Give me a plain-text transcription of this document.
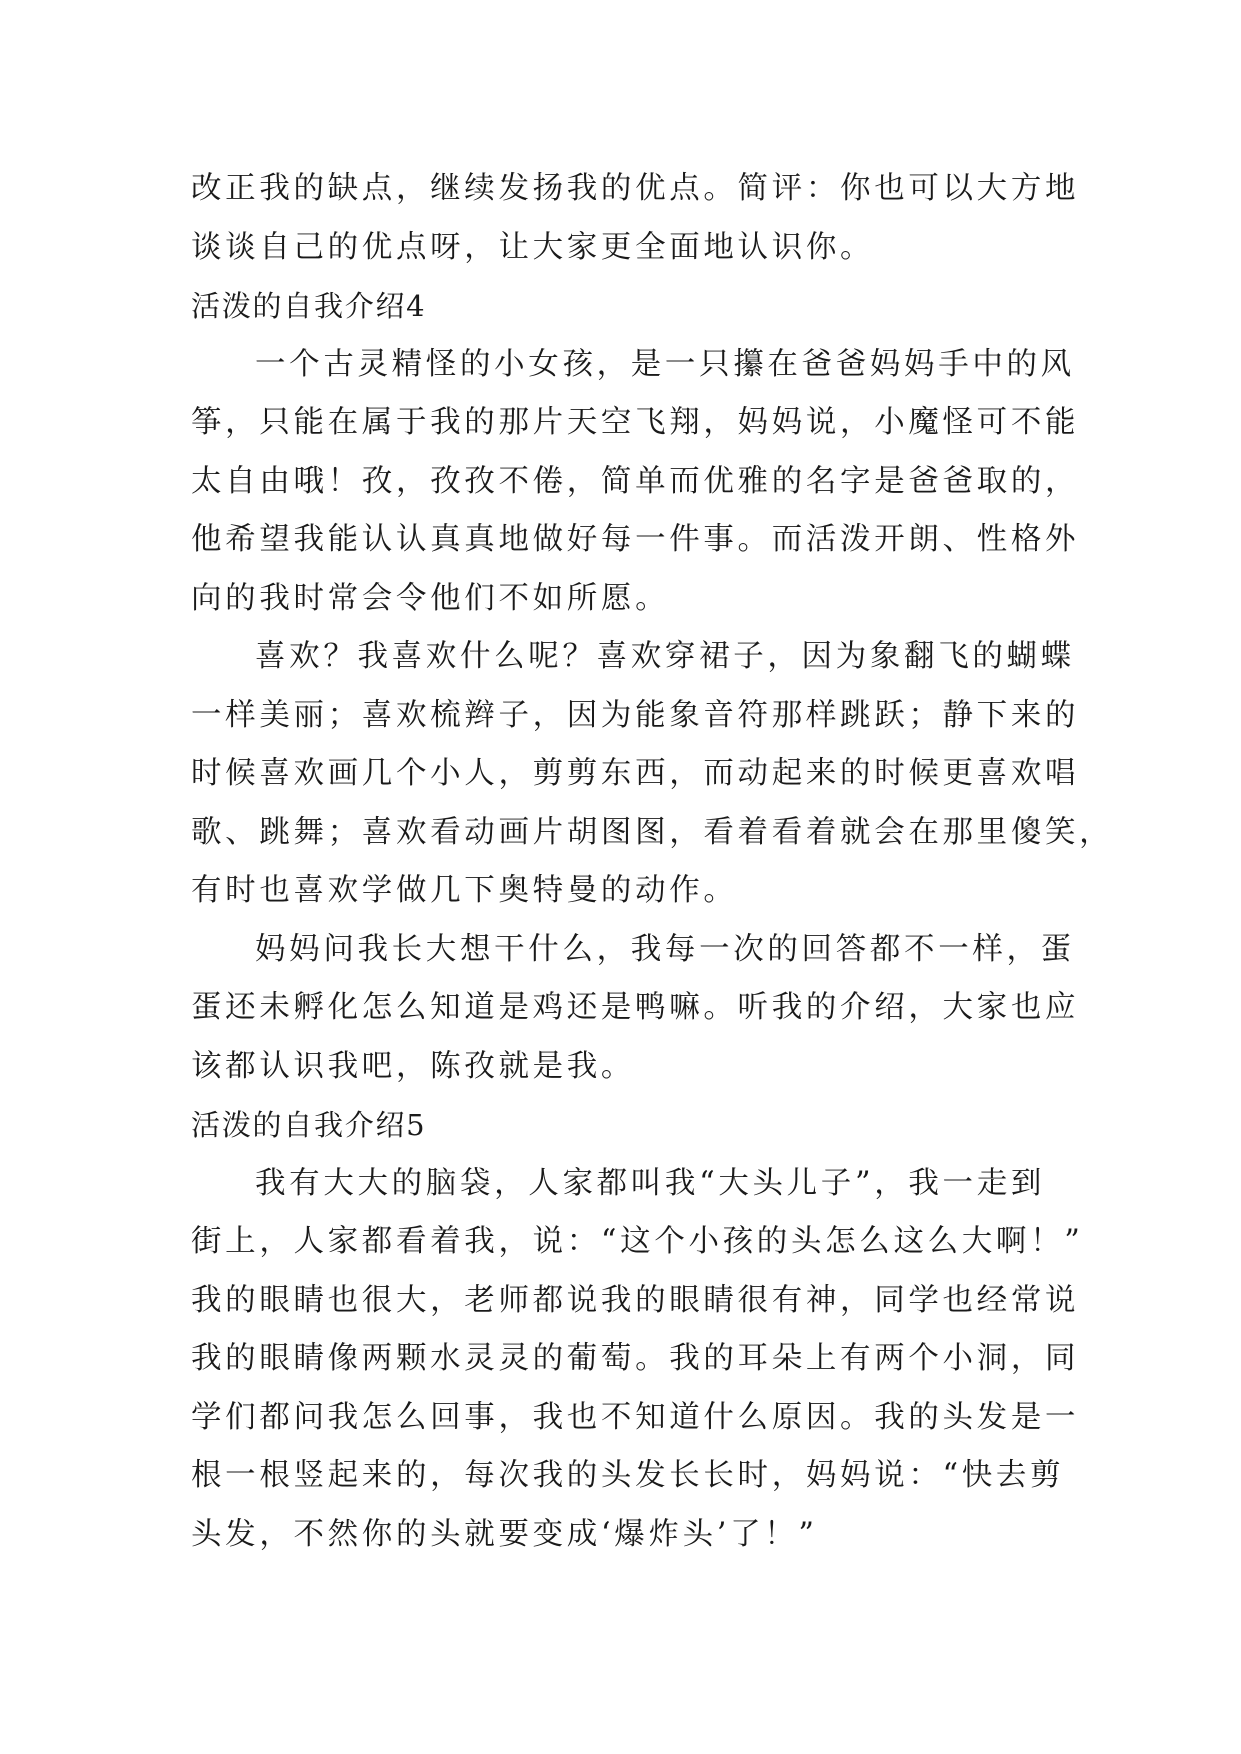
改正我的缺点，继续发扬我的优点。简评：你也可以大方地
谈谈自己的优点呀，让大家更全面地认识你。
活泼的自我介绍4
一个古灵精怪的小女孩，是一只攥在爸爸妈妈手中的风
筝，只能在属于我的那片天空飞翔，妈妈说，小魔怪可不能
太自由哦！孜，孜孜不倦，简单而优雅的名字是爸爸取的，
他希望我能认认真真地做好每一件事。而活泼开朗、性格外
向的我时常会令他们不如所愿。
喜欢？我喜欢什么呢？喜欢穿裙子，因为象翻飞的蝴蝶
一样美丽；喜欢梳辫子，因为能象音符那样跳跃；静下来的
时候喜欢画几个小人，剪剪东西，而动起来的时候更喜欢唱
歌、跳舞；喜欢看动画片胡图图，看着看着就会在那里傻笑，
有时也喜欢学做几下奥特曼的动作。
妈妈问我长大想干什么，我每一次的回答都不一样，蛋
蛋还未孵化怎么知道是鸡还是鸭嘛。听我的介绍，大家也应
该都认识我吧，陈孜就是我。
活泼的自我介绍5
我有大大的脑袋，人家都叫我“大头儿子”，我一走到
街上，人家都看着我，说：“这个小孩的头怎么这么大啊！”
我的眼睛也很大，老师都说我的眼睛很有神，同学也经常说
我的眼睛像两颗水灵灵的葡萄。我的耳朵上有两个小洞，同
学们都问我怎么回事，我也不知道什么原因。我的头发是一
根一根竖起来的，每次我的头发长长时，妈妈说：“快去剪
头发，不然你的头就要变成‘爆炸头’了！”
